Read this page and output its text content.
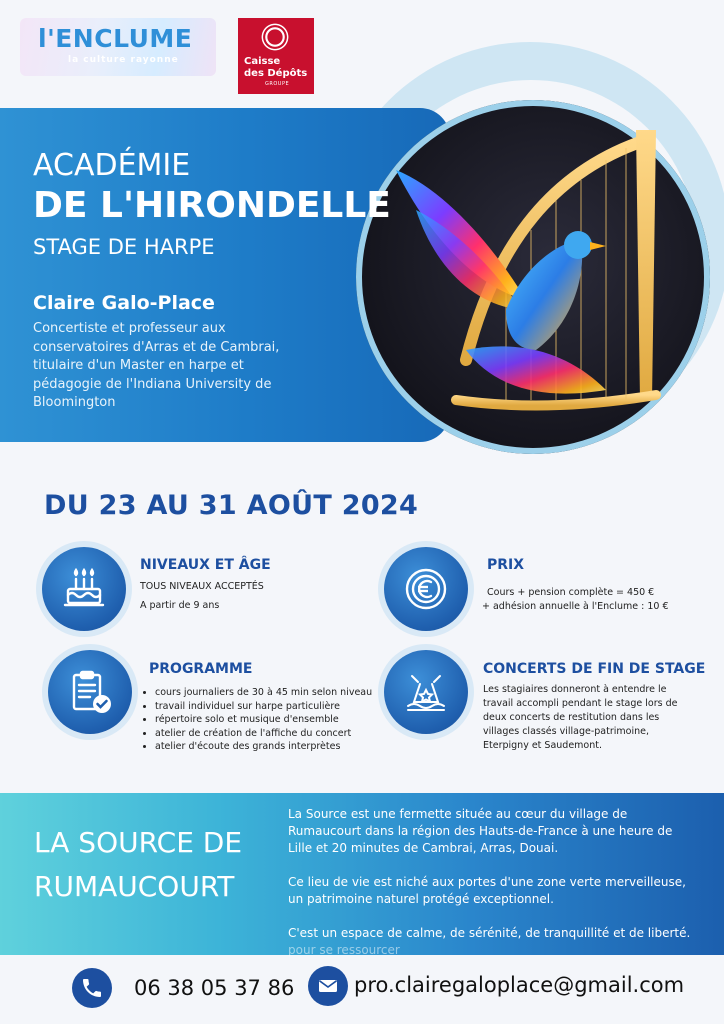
l'ENCLUME
la culture rayonne	Caisse
des Dépôts
GROUPE
ACADÉMIE
DE L'HIRONDELLE
STAGE DE HARPE
Claire Galo-Place
Concertiste et professeur aux conservatoires d'Arras et de Cambrai, titulaire d'un Master en harpe et pédagogie de l'Indiana University de Bloomington
DU 23 AU 31 AOÛT 2024
NIVEAUX ET ÂGE
TOUS NIVEAUX ACCEPTÉS
A partir de 9 ans
PRIX
Cours + pension complète = 450 €
+ adhésion annuelle à l'Enclume : 10 €
PROGRAMME
• cours journaliers de 30 à 45 min selon niveau
• travail individuel sur harpe particulière
• répertoire solo et musique d'ensemble
• atelier de création de l'affiche du concert
• atelier d'écoute des grands interprètes
CONCERTS DE FIN DE STAGE
Les stagiaires donneront à entendre le travail accompli pendant le stage lors de deux concerts de restitution dans les villages classés village-patrimoine, Eterpigny et Saudemont.
LA SOURCE DE
RUMAUCOURT

La Source est une fermette située au cœur du village de Rumaucourt dans la région des Hauts-de-France à une heure de Lille et 20 minutes de Cambrai, Arras, Douai.

Ce lieu de vie est niché aux portes d'une zone verte merveilleuse, un patrimoine naturel protégé exceptionnel.

C'est un espace de calme, de sérénité, de tranquillité et de liberté.

pour se ressourcer

06 38 05 37 86	pro.clairegaloplace@gmail.com
